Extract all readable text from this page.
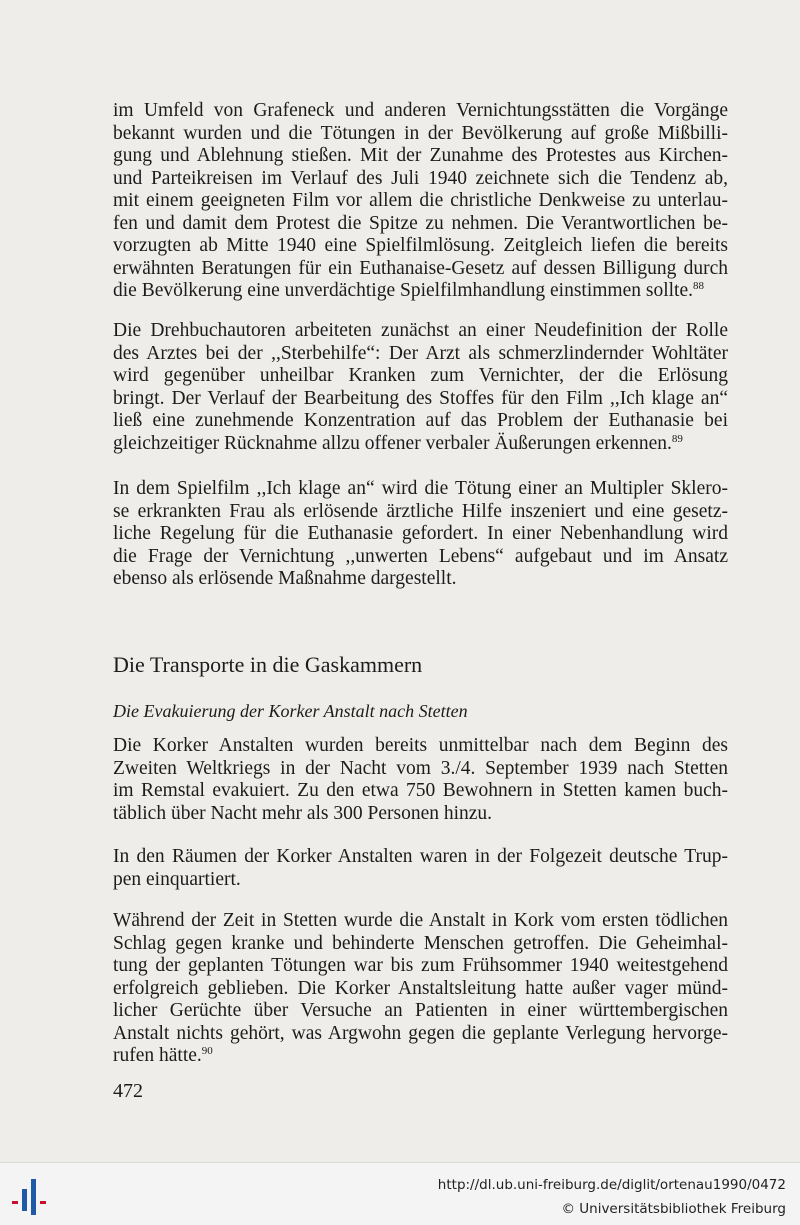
im Umfeld von Grafeneck und anderen Vernichtungsstätten die Vorgänge
bekannt wurden und die Tötungen in der Bevölkerung auf große Mißbilli-
gung und Ablehnung stießen. Mit der Zunahme des Protestes aus Kirchen-
und Parteikreisen im Verlauf des Juli 1940 zeichnete sich die Tendenz ab,
mit einem geeigneten Film vor allem die christliche Denkweise zu unterlau-
fen und damit dem Protest die Spitze zu nehmen. Die Verantwortlichen be-
vorzugten ab Mitte 1940 eine Spielfilmlösung. Zeitgleich liefen die bereits
erwähnten Beratungen für ein Euthanaise-Gesetz auf dessen Billigung durch
die Bevölkerung eine unverdächtige Spielfilmhandlung einstimmen sollte.$^{88}$
Die Drehbuchautoren arbeiteten zunächst an einer Neudefinition der Rolle
des Arztes bei der ,,Sterbehilfe“: Der Arzt als schmerzlindernder Wohltäter
wird gegenüber unheilbar Kranken zum Vernichter, der die Erlösung
bringt. Der Verlauf der Bearbeitung des Stoffes für den Film ,,Ich klage an“
ließ eine zunehmende Konzentration auf das Problem der Euthanasie bei
gleichzeitiger Rücknahme allzu offener verbaler Äußerungen erkennen.$^{89}$
In dem Spielfilm ,,Ich klage an“ wird die Tötung einer an Multipler Sklero-
se erkrankten Frau als erlösende ärztliche Hilfe inszeniert und eine gesetz-
liche Regelung für die Euthanasie gefordert. In einer Nebenhandlung wird
die Frage der Vernichtung ,,unwerten Lebens“ aufgebaut und im Ansatz
ebenso als erlösende Maßnahme dargestellt.
Die Transporte in die Gaskammern
Die Evakuierung der Korker Anstalt nach Stetten
Die Korker Anstalten wurden bereits unmittelbar nach dem Beginn des
Zweiten Weltkriegs in der Nacht vom 3./4. September 1939 nach Stetten
im Remstal evakuiert. Zu den etwa 750 Bewohnern in Stetten kamen buch-
täblich über Nacht mehr als 300 Personen hinzu.
In den Räumen der Korker Anstalten waren in der Folgezeit deutsche Trup-
pen einquartiert.
Während der Zeit in Stetten wurde die Anstalt in Kork vom ersten tödlichen
Schlag gegen kranke und behinderte Menschen getroffen. Die Geheimhal-
tung der geplanten Tötungen war bis zum Frühsommer 1940 weitestgehend
erfolgreich geblieben. Die Korker Anstaltsleitung hatte außer vager münd-
licher Gerüchte über Versuche an Patienten in einer württembergischen
Anstalt nichts gehört, was Argwohn gegen die geplante Verlegung hervorge-
rufen hätte.$^{90}$
472
http://dl.ub.uni-freiburg.de/diglit/ortenau1990/0472
© Universitätsbibliothek Freiburg
